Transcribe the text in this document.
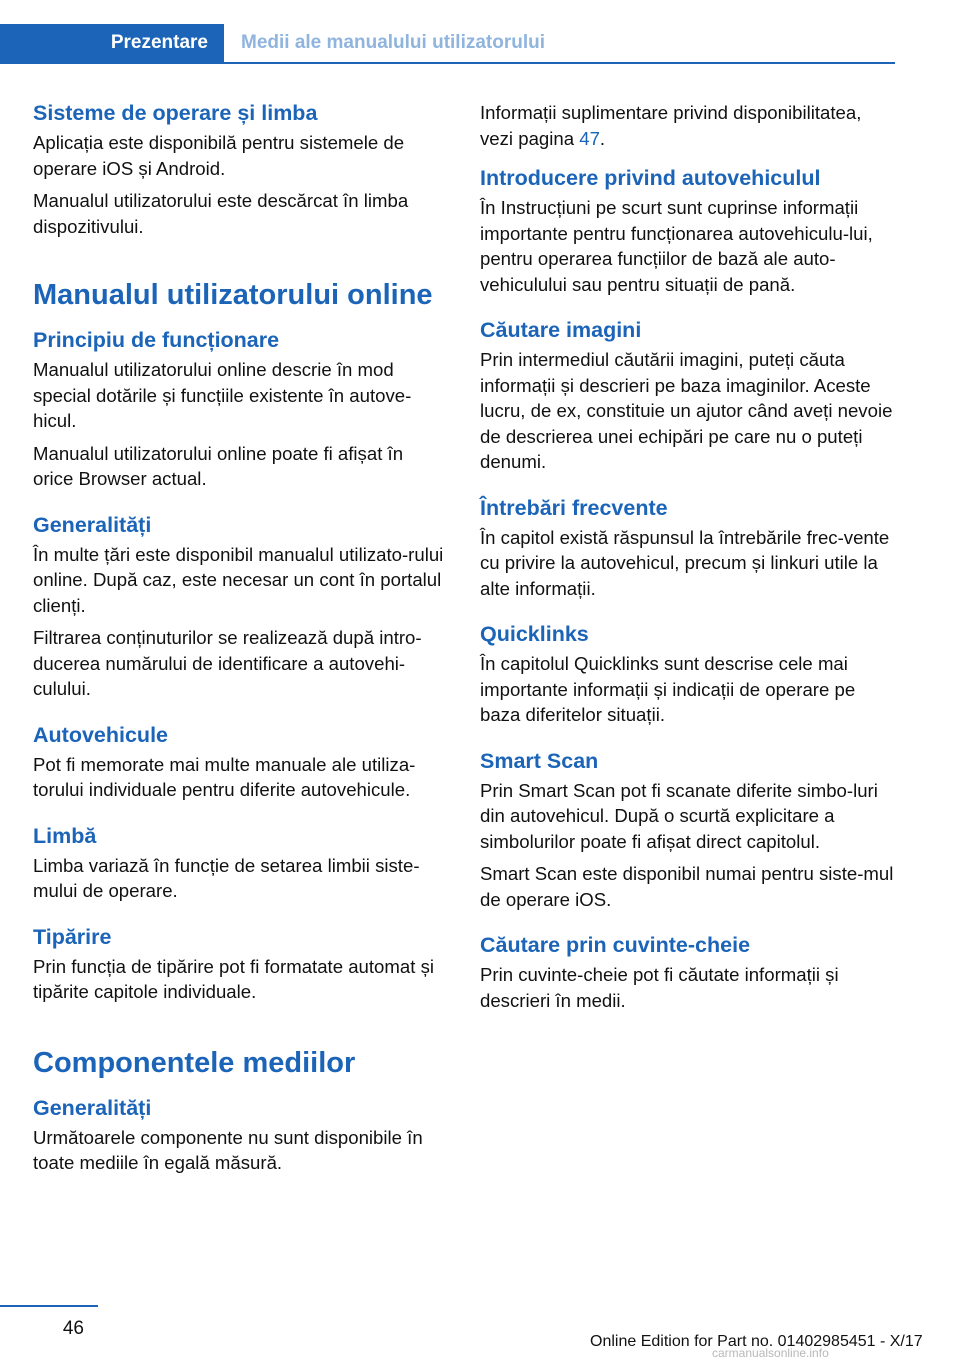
Prezentare	Medii ale manualului utilizatorului
Sisteme de operare și limba

Aplicația este disponibilă pentru sistemele de operare iOS și Android.

Manualul utilizatorului este descărcat în limba dispozitivului.

Manualul utilizatorului online
Principiu de funcționare

Manualul utilizatorului online descrie în mod special dotările și funcțiile existente în autove‐hicul.

Manualul utilizatorului online poate fi afișat în orice Browser actual.

Generalități

În multe țări este disponibil manualul utilizato‐rului online. După caz, este necesar un cont în portalul clienți.

Filtrarea conținuturilor se realizează după intro‐ducerea numărului de identificare a autovehi‐culului.

Autovehicule

Pot fi memorate mai multe manuale ale utiliza‐torului individuale pentru diferite autovehicule.

Limbă

Limba variază în funcție de setarea limbii siste‐mului de operare.

Tipărire

Prin funcția de tipărire pot fi formatate automat și tipărite capitole individuale.

Componentele mediilor
Generalități

Următoarele componente nu sunt disponibile în toate mediile în egală măsură.

Informații suplimentare privind disponibilitatea, vezi pagina 47.

Introducere privind autovehiculul

În Instrucțiuni pe scurt sunt cuprinse informații importante pentru funcționarea autovehiculu‐lui, pentru operarea funcțiilor de bază ale auto‐vehiculului sau pentru situații de pană.

Căutare imagini

Prin intermediul căutării imagini, puteți căuta informații și descrieri pe baza imaginilor. Aceste lucru, de ex, constituie un ajutor când aveți nevoie de descrierea unei echipări pe care nu o puteți denumi.

Întrebări frecvente

În capitol există răspunsul la întrebările frec‐vente cu privire la autovehicul, precum și linkuri utile la alte informații.

Quicklinks

În capitolul Quicklinks sunt descrise cele mai importante informații și indicații de operare pe baza diferitelor situații.

Smart Scan

Prin Smart Scan pot fi scanate diferite simbo‐luri din autovehicul. După o scurtă explicitare a simbolurilor poate fi afișat direct capitolul.

Smart Scan este disponibil numai pentru siste‐mul de operare iOS.

Căutare prin cuvinte-cheie

Prin cuvinte-cheie pot fi căutate informații și descrieri în medii.

46
Online Edition for Part no. 01402985451 - X/17
carmanualsonline.info
